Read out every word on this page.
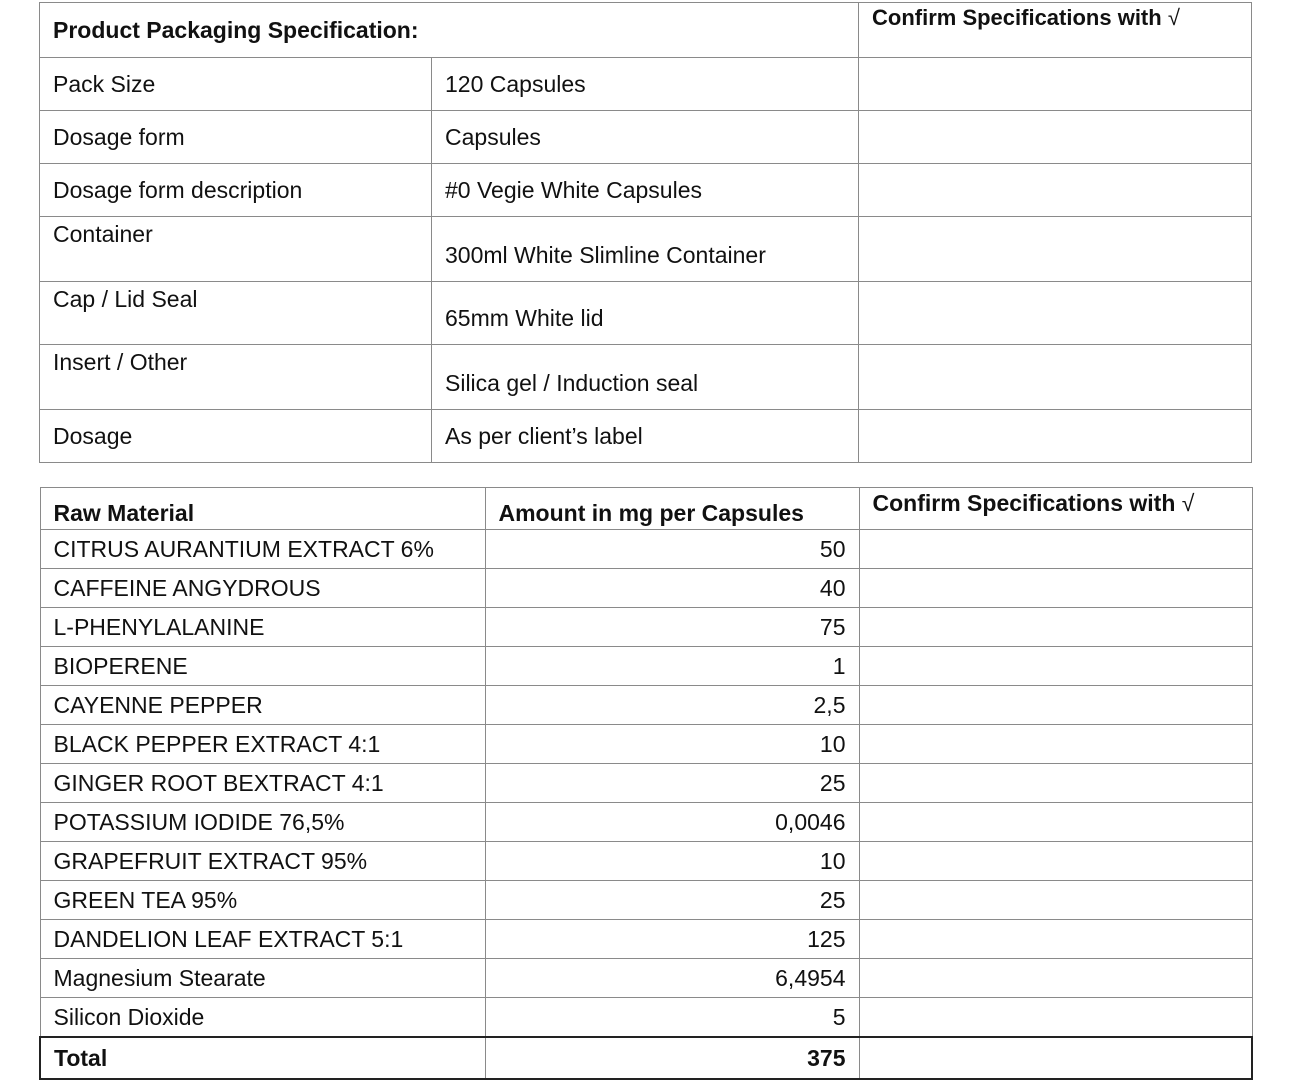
Product Packaging Specification:		Confirm Specifications with √
Pack Size	120 Capsules	
Dosage form	Capsules	
Dosage form description	#0 Vegie White Capsules	
Container	300ml White Slimline Container	
Cap / Lid Seal	65mm White lid	
Insert / Other	Silica gel / Induction seal	
Dosage	As per client’s label	
Raw Material	Amount in mg per Capsules	Confirm Specifications with √
CITRUS AURANTIUM EXTRACT 6%	50	
CAFFEINE ANGYDROUS	40	
L-PHENYLALANINE	75	
BIOPERENE	1	
CAYENNE PEPPER	2,5	
BLACK PEPPER EXTRACT 4:1	10	
GINGER ROOT BEXTRACT 4:1	25	
POTASSIUM IODIDE 76,5%	0,0046	
GRAPEFRUIT EXTRACT 95%	10	
GREEN TEA 95%	25	
DANDELION LEAF EXTRACT 5:1	125	
Magnesium Stearate	6,4954	
Silicon Dioxide	5	
Total	375	
